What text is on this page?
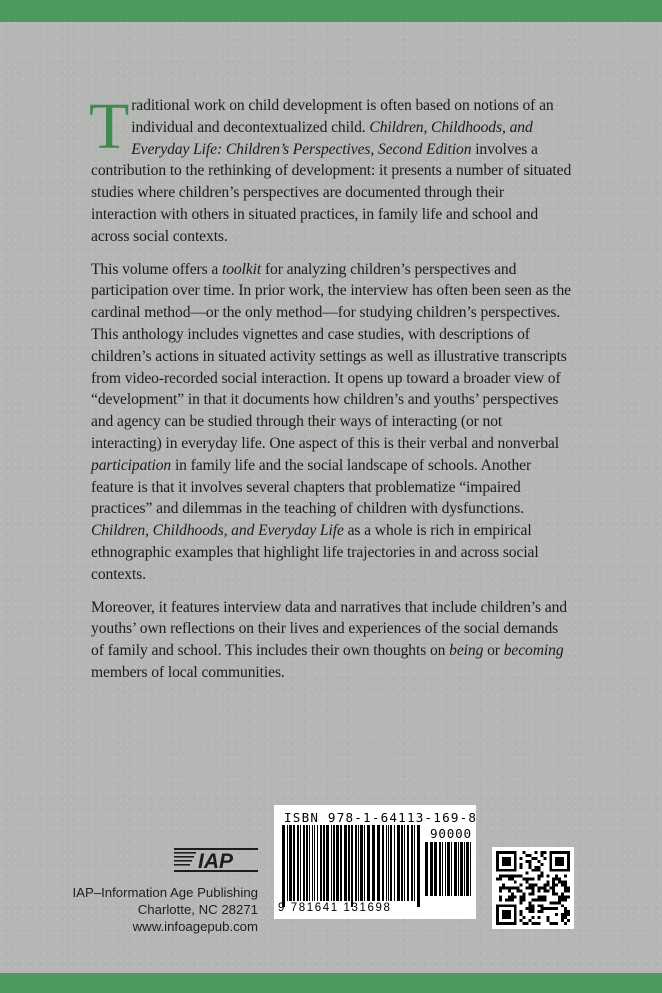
Traditional work on child development is often based on notions of an individual and decontextualized child. Children, Childhoods, and Everyday Life: Children’s Perspectives, Second Edition involves a contribution to the rethinking of development: it presents a number of situated studies where children’s perspectives are documented through their interaction with others in situated practices, in family life and school and across social contexts.

This volume offers a toolkit for analyzing children’s perspectives and participation over time. In prior work, the interview has often been seen as the cardinal method—or the only method—for studying children’s perspectives. This anthology includes vignettes and case studies, with descriptions of children’s actions in situated activity settings as well as illustrative transcripts from video-recorded social interaction. It opens up toward a broader view of “development” in that it documents how children’s and youths’ perspectives and agency can be studied through their ways of interacting (or not interacting) in everyday life. One aspect of this is their verbal and nonverbal participation in family life and the social landscape of schools. Another feature is that it involves several chapters that problematize “impaired practices” and dilemmas in the teaching of children with dysfunctions. Children, Childhoods, and Everyday Life as a whole is rich in empirical ethnographic examples that highlight life trajectories in and across social contexts.

Moreover, it features interview data and narratives that include children’s and youths’ own reflections on their lives and experiences of the social demands of family and school. This includes their own thoughts on being or becoming members of local communities.

IAP
IAP–Information Age Publishing
Charlotte, NC 28271
www.infoagepub.com
ISBN 978-1-64113-169-8
90000
9 781641 131698
